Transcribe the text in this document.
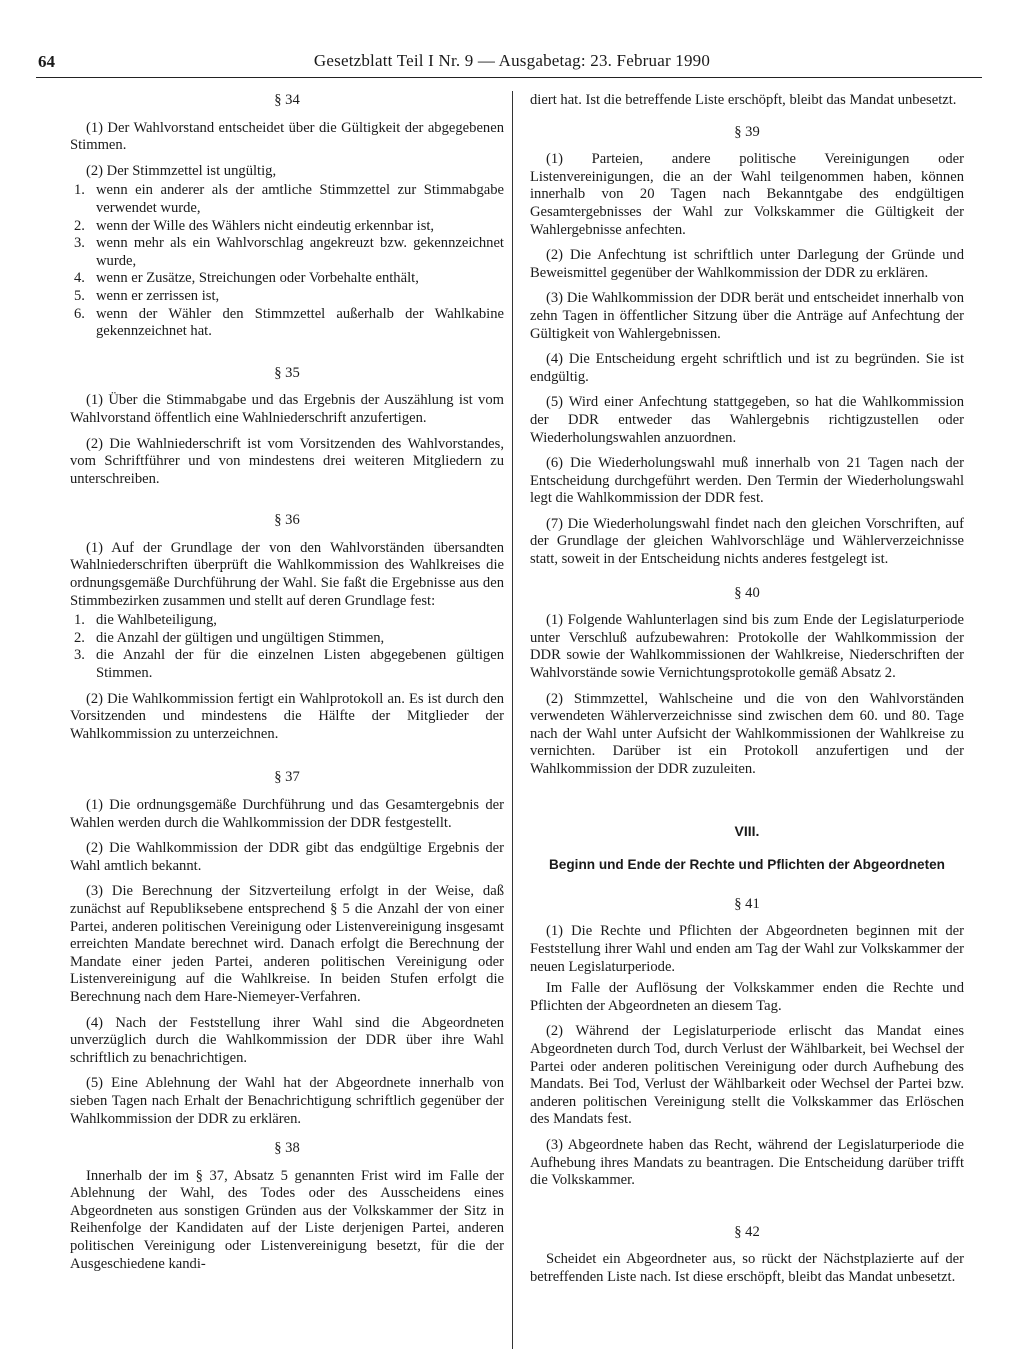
64	Gesetzblatt Teil I Nr. 9 — Ausgabetag: 23. Februar 1990

§ 34

(1) Der Wahlvorstand entscheidet über die Gültigkeit der abgegebenen Stimmen.

(2) Der Stimmzettel ist ungültig,

1. wenn ein anderer als der amtliche Stimmzettel zur Stimmabgabe verwendet wurde,
2. wenn der Wille des Wählers nicht eindeutig erkennbar ist,
3. wenn mehr als ein Wahlvorschlag angekreuzt bzw. gekennzeichnet wurde,
4. wenn er Zusätze, Streichungen oder Vorbehalte enthält,
5. wenn er zerrissen ist,
6. wenn der Wähler den Stimmzettel außerhalb der Wahlkabine gekennzeichnet hat.

§ 35

(1) Über die Stimmabgabe und das Ergebnis der Auszählung ist vom Wahlvorstand öffentlich eine Wahlniederschrift anzufertigen.

(2) Die Wahlniederschrift ist vom Vorsitzenden des Wahlvorstandes, vom Schriftführer und von mindestens drei weiteren Mitgliedern zu unterschreiben.

§ 36

(1) Auf der Grundlage der von den Wahlvorständen übersandten Wahlniederschriften überprüft die Wahlkommission des Wahlkreises die ordnungsgemäße Durchführung der Wahl. Sie faßt die Ergebnisse aus den Stimmbezirken zusammen und stellt auf deren Grundlage fest:

1. die Wahlbeteiligung,
2. die Anzahl der gültigen und ungültigen Stimmen,
3. die Anzahl der für die einzelnen Listen abgegebenen gültigen Stimmen.

(2) Die Wahlkommission fertigt ein Wahlprotokoll an. Es ist durch den Vorsitzenden und mindestens die Hälfte der Mitglieder der Wahlkommission zu unterzeichnen.

§ 37

(1) Die ordnungsgemäße Durchführung und das Gesamtergebnis der Wahlen werden durch die Wahlkommission der DDR festgestellt.

(2) Die Wahlkommission der DDR gibt das endgültige Ergebnis der Wahl amtlich bekannt.

(3) Die Berechnung der Sitzverteilung erfolgt in der Weise, daß zunächst auf Republiksebene entsprechend § 5 die Anzahl der von einer Partei, anderen politischen Vereinigung oder Listenvereinigung insgesamt erreichten Mandate berechnet wird. Danach erfolgt die Berechnung der Mandate einer jeden Partei, anderen politischen Vereinigung oder Listenvereinigung auf die Wahlkreise. In beiden Stufen erfolgt die Berechnung nach dem Hare-Niemeyer-Verfahren.

(4) Nach der Feststellung ihrer Wahl sind die Abgeordneten unverzüglich durch die Wahlkommission der DDR über ihre Wahl schriftlich zu benachrichtigen.

(5) Eine Ablehnung der Wahl hat der Abgeordnete innerhalb von sieben Tagen nach Erhalt der Benachrichtigung schriftlich gegenüber der Wahlkommission der DDR zu erklären.

§ 38

Innerhalb der im § 37, Absatz 5 genannten Frist wird im Falle der Ablehnung der Wahl, des Todes oder des Ausscheidens eines Abgeordneten aus sonstigen Gründen aus der Volkskammer der Sitz in Reihenfolge der Kandidaten auf der Liste derjenigen Partei, anderen politischen Vereinigung oder Listenvereinigung besetzt, für die der Ausgeschiedene kandi-

diert hat. Ist die betreffende Liste erschöpft, bleibt das Mandat unbesetzt.

§ 39

(1) Parteien, andere politische Vereinigungen oder Listenvereinigungen, die an der Wahl teilgenommen haben, können innerhalb von 20 Tagen nach Bekanntgabe des endgültigen Gesamtergebnisses der Wahl zur Volkskammer die Gültigkeit der Wahlergebnisse anfechten.

(2) Die Anfechtung ist schriftlich unter Darlegung der Gründe und Beweismittel gegenüber der Wahlkommission der DDR zu erklären.

(3) Die Wahlkommission der DDR berät und entscheidet innerhalb von zehn Tagen in öffentlicher Sitzung über die Anträge auf Anfechtung der Gültigkeit von Wahlergebnissen.

(4) Die Entscheidung ergeht schriftlich und ist zu begründen. Sie ist endgültig.

(5) Wird einer Anfechtung stattgegeben, so hat die Wahlkommission der DDR entweder das Wahlergebnis richtigzustellen oder Wiederholungswahlen anzuordnen.

(6) Die Wiederholungswahl muß innerhalb von 21 Tagen nach der Entscheidung durchgeführt werden. Den Termin der Wiederholungswahl legt die Wahlkommission der DDR fest.

(7) Die Wiederholungswahl findet nach den gleichen Vorschriften, auf der Grundlage der gleichen Wahlvorschläge und Wählerverzeichnisse statt, soweit in der Entscheidung nichts anderes festgelegt ist.

§ 40

(1) Folgende Wahlunterlagen sind bis zum Ende der Legislaturperiode unter Verschluß aufzubewahren: Protokolle der Wahlkommission der DDR sowie der Wahlkommissionen der Wahlkreise, Niederschriften der Wahlvorstände sowie Vernichtungsprotokolle gemäß Absatz 2.

(2) Stimmzettel, Wahlscheine und die von den Wahlvorständen verwendeten Wählerverzeichnisse sind zwischen dem 60. und 80. Tage nach der Wahl unter Aufsicht der Wahlkommissionen der Wahlkreise zu vernichten. Darüber ist ein Protokoll anzufertigen und der Wahlkommission der DDR zuzuleiten.

VIII.

Beginn und Ende der Rechte und Pflichten der Abgeordneten

§ 41

(1) Die Rechte und Pflichten der Abgeordneten beginnen mit der Feststellung ihrer Wahl und enden am Tag der Wahl zur Volkskammer der neuen Legislaturperiode.

Im Falle der Auflösung der Volkskammer enden die Rechte und Pflichten der Abgeordneten an diesem Tag.

(2) Während der Legislaturperiode erlischt das Mandat eines Abgeordneten durch Tod, durch Verlust der Wählbarkeit, bei Wechsel der Partei oder anderen politischen Vereinigung oder durch Aufhebung des Mandats. Bei Tod, Verlust der Wählbarkeit oder Wechsel der Partei bzw. anderen politischen Vereinigung stellt die Volkskammer das Erlöschen des Mandats fest.

(3) Abgeordnete haben das Recht, während der Legislaturperiode die Aufhebung ihres Mandats zu beantragen. Die Entscheidung darüber trifft die Volkskammer.

§ 42

Scheidet ein Abgeordneter aus, so rückt der Nächstplazierte auf der betreffenden Liste nach. Ist diese erschöpft, bleibt das Mandat unbesetzt.
